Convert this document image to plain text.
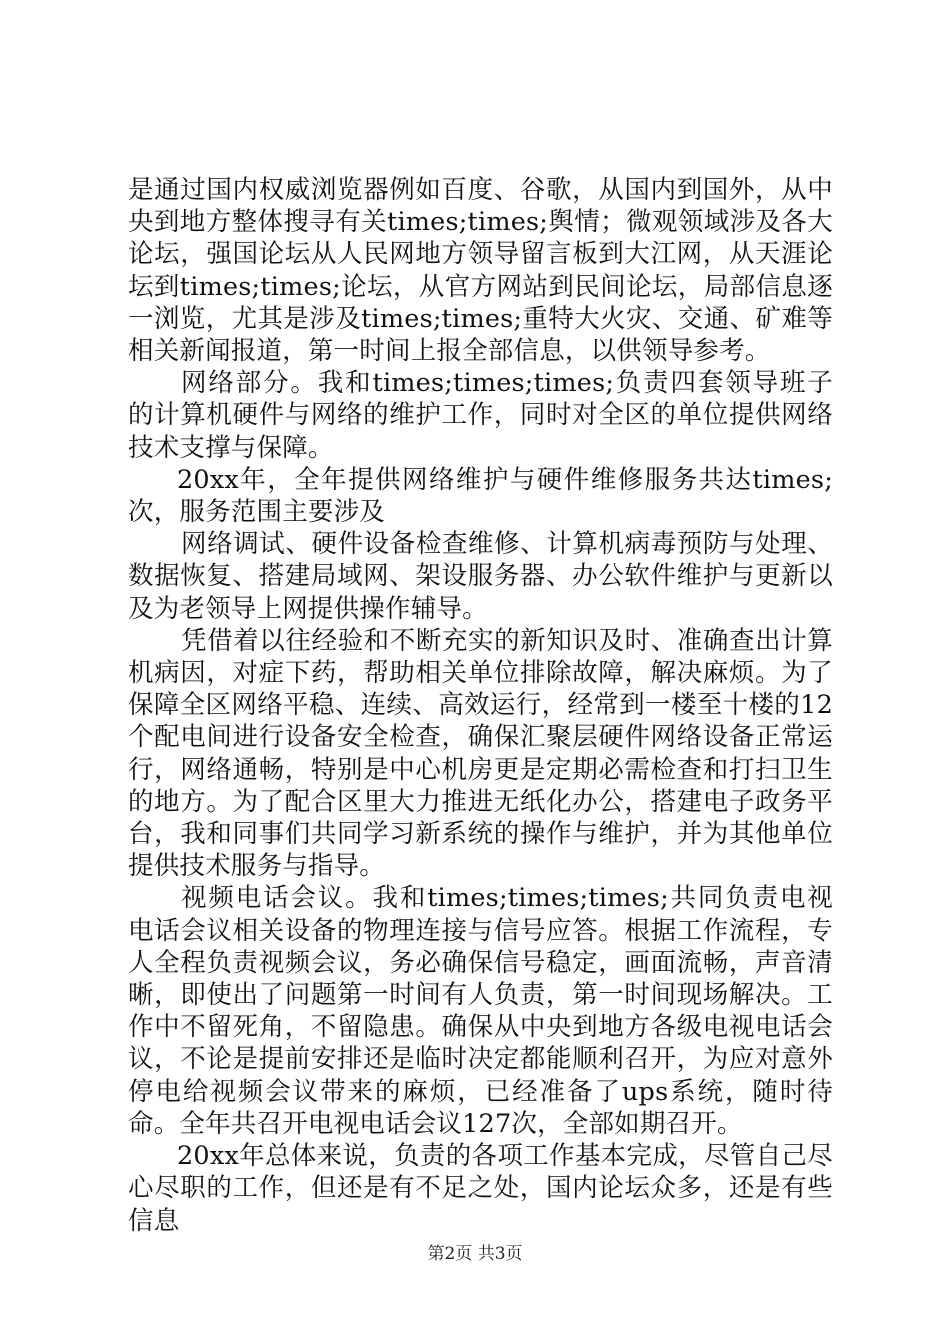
是通过国内权威浏览器例如百度、谷歌，从国内到国外，从中央到地方整体搜寻有关times;times;舆情；微观领域涉及各大论坛，强国论坛从人民网地方领导留言板到大江网，从天涯论坛到times;times;论坛，从官方网站到民间论坛，局部信息逐一浏览，尤其是涉及times;times;重特大火灾、交通、矿难等相关新闻报道，第一时间上报全部信息，以供领导参考。

网络部分。我和times;times;times;负责四套领导班子的计算机硬件与网络的维护工作，同时对全区的单位提供网络技术支撑与保障。

20xx年，全年提供网络维护与硬件维修服务共达times;次，服务范围主要涉及

网络调试、硬件设备检查维修、计算机病毒预防与处理、数据恢复、搭建局域网、架设服务器、办公软件维护与更新以及为老领导上网提供操作辅导。

凭借着以往经验和不断充实的新知识及时、准确查出计算机病因，对症下药，帮助相关单位排除故障，解决麻烦。为了保障全区网络平稳、连续、高效运行，经常到一楼至十楼的12个配电间进行设备安全检查，确保汇聚层硬件网络设备正常运行，网络通畅，特别是中心机房更是定期必需检查和打扫卫生的地方。为了配合区里大力推进无纸化办公，搭建电子政务平台，我和同事们共同学习新系统的操作与维护，并为其他单位提供技术服务与指导。

视频电话会议。我和times;times;times;共同负责电视电话会议相关设备的物理连接与信号应答。根据工作流程，专人全程负责视频会议，务必确保信号稳定，画面流畅，声音清晰，即使出了问题第一时间有人负责，第一时间现场解决。工作中不留死角，不留隐患。确保从中央到地方各级电视电话会议，不论是提前安排还是临时决定都能顺利召开，为应对意外停电给视频会议带来的麻烦，已经准备了ups系统，随时待命。全年共召开电视电话会议127次，全部如期召开。

20xx年总体来说，负责的各项工作基本完成，尽管自己尽心尽职的工作，但还是有不足之处，国内论坛众多，还是有些信息

第2页 共3页
